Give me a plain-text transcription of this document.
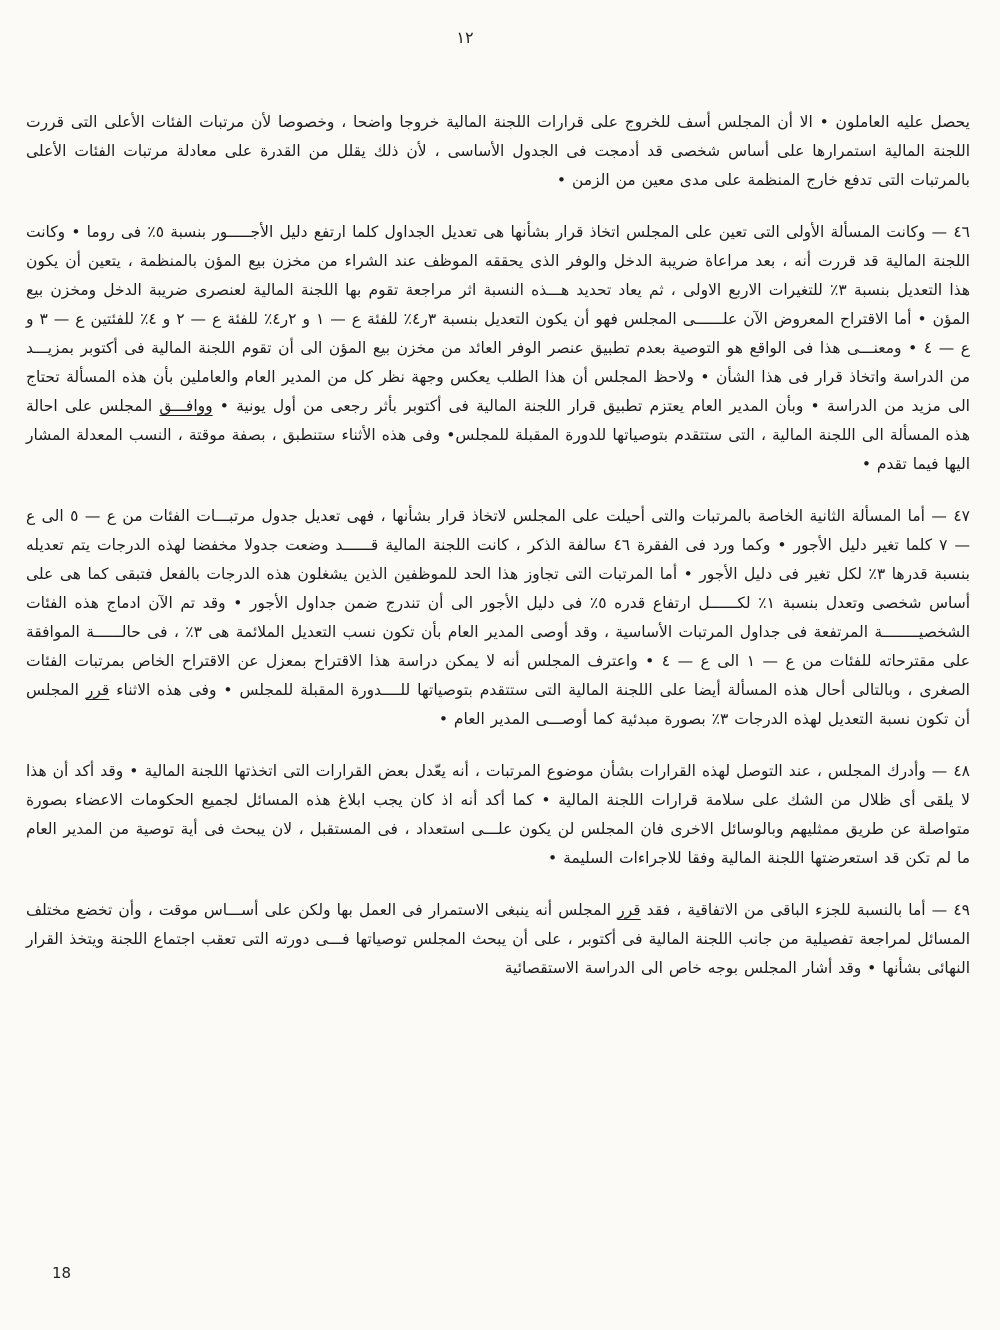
١٢

يحصل عليه العاملون • الا أن المجلس أسف للخروج على قرارات اللجنة المالية خروجا واضحا ، وخصوصا لأن مرتبات الفئات الأعلى التى قررت اللجنة المالية استمرارها على أساس شخصى قد أدمجت فى الجدول الأساسى ، لأن ذلك يقلل من القدرة على معادلة مرتبات الفئات الأعلى بالمرتبات التى تدفع خارج المنظمة على مدى معين من الزمن •

٤٦ — وكانت المسألة الأولى التى تعين على المجلس اتخاذ قرار بشأنها هى تعديل الجداول كلما ارتفع دليل الأجـــــور بنسبة ٥٪ فى روما • وكانت اللجنة المالية قد قررت أنه ، بعد مراعاة ضريبة الدخل والوفر الذى يحققه الموظف عند الشراء من مخزن بيع المؤن بالمنظمة ، يتعين أن يكون هذا التعديل بنسبة ٣٪ للتغيرات الاربع الاولى ، ثم يعاد تحديد هـــذه النسبة اثر مراجعة تقوم بها اللجنة المالية لعنصرى ضريبة الدخل ومخزن بيع المؤن • أما الاقتراح المعروض الآن علــــــى المجلس فهو أن يكون التعديل بنسبة ٣ر٤٪ للفئة ع — ١ و ٢ر٤٪ للفئة ع — ٢ و ٤٪ للفئتين ع — ٣ و ع — ٤ • ومعنـــى هذا فى الواقع هو التوصية بعدم تطبيق عنصر الوفر العائد من مخزن بيع المؤن الى أن تقوم اللجنة المالية فى أكتوبر بمزيـــد من الدراسة واتخاذ قرار فى هذا الشأن • ولاحظ المجلس أن هذا الطلب يعكس وجهة نظر كل من المدير العام والعاملين بأن هذه المسألة تحتاج الى مزيد من الدراسة • وبأن المدير العام يعتزم تطبيق قرار اللجنة المالية فى أكتوبر بأثر رجعى من أول يونية • ووافـــق المجلس على احالة هذه المسألة الى اللجنة المالية ، التى ستتقدم بتوصياتها للدورة المقبلة للمجلس• وفى هذه الأثناء ستنطبق ، بصفة موقتة ، النسب المعدلة المشار اليها فيما تقدم •

٤٧ — أما المسألة الثانية الخاصة بالمرتبات والتى أحيلت على المجلس لاتخاذ قرار بشأنها ، فهى تعديل جدول مرتبـــات الفئات من ع — ٥ الى ع — ٧ كلما تغير دليل الأجور • وكما ورد فى الفقرة ٤٦ سالفة الذكر ، كانت اللجنة المالية قــــــد وضعت جدولا مخفضا لهذه الدرجات يتم تعديله بنسبة قدرها ٣٪ لكل تغير فى دليل الأجور • أما المرتبات التى تجاوز هذا الحد للموظفين الذين يشغلون هذه الدرجات بالفعل فتبقى كما هى على أساس شخصى وتعدل بنسبة ١٪ لكــــــل ارتفاع قدره ٥٪ فى دليل الأجور الى أن تندرج ضمن جداول الأجور • وقد تم الآن ادماج هذه الفئات الشخصيــــــــة المرتفعة فى جداول المرتبات الأساسية ، وقد أوصى المدير العام بأن تكون نسب التعديل الملائمة هى ٣٪ ، فى حالــــــة الموافقة على مقترحاته للفئات من ع — ١ الى ع — ٤ • واعترف المجلس أنه لا يمكن دراسة هذا الاقتراح بمعزل عن الاقتراح الخاص بمرتبات الفئات الصغرى ، وبالتالى أحال هذه المسألة أيضا على اللجنة المالية التى ستتقدم بتوصياتها للــــدورة المقبلة للمجلس • وفى هذه الاثناء قرر المجلس أن تكون نسبة التعديل لهذه الدرجات ٣٪ بصورة مبدئية كما أوصـــى المدير العام •

٤٨ — وأدرك المجلس ، عند التوصل لهذه القرارات بشأن موضوع المرتبات ، أنه يعّدل بعض القرارات التى اتخذتها اللجنة المالية • وقد أكد أن هذا لا يلقى أى ظلال من الشك على سلامة قرارات اللجنة المالية • كما أكد أنه اذ كان يجب ابلاغ هذه المسائل لجميع الحكومات الاعضاء بصورة متواصلة عن طريق ممثليهم وبالوسائل الاخرى فان المجلس لن يكون علـــى استعداد ، فى المستقبل ، لان يبحث فى أية توصية من المدير العام ما لم تكن قد استعرضتها اللجنة المالية وفقا للاجراءات السليمة •

٤٩ — أما بالنسبة للجزء الباقى من الاتفاقية ، فقد قرر المجلس أنه ينبغى الاستمرار فى العمل بها ولكن على أســـاس موقت ، وأن تخضع مختلف المسائل لمراجعة تفصيلية من جانب اللجنة المالية فى أكتوبر ، على أن يبحث المجلس توصياتها فـــى دورته التى تعقب اجتماع اللجنة ويتخذ القرار النهائى بشأنها • وقد أشار المجلس بوجه خاص الى الدراسة الاستقصائية

18
